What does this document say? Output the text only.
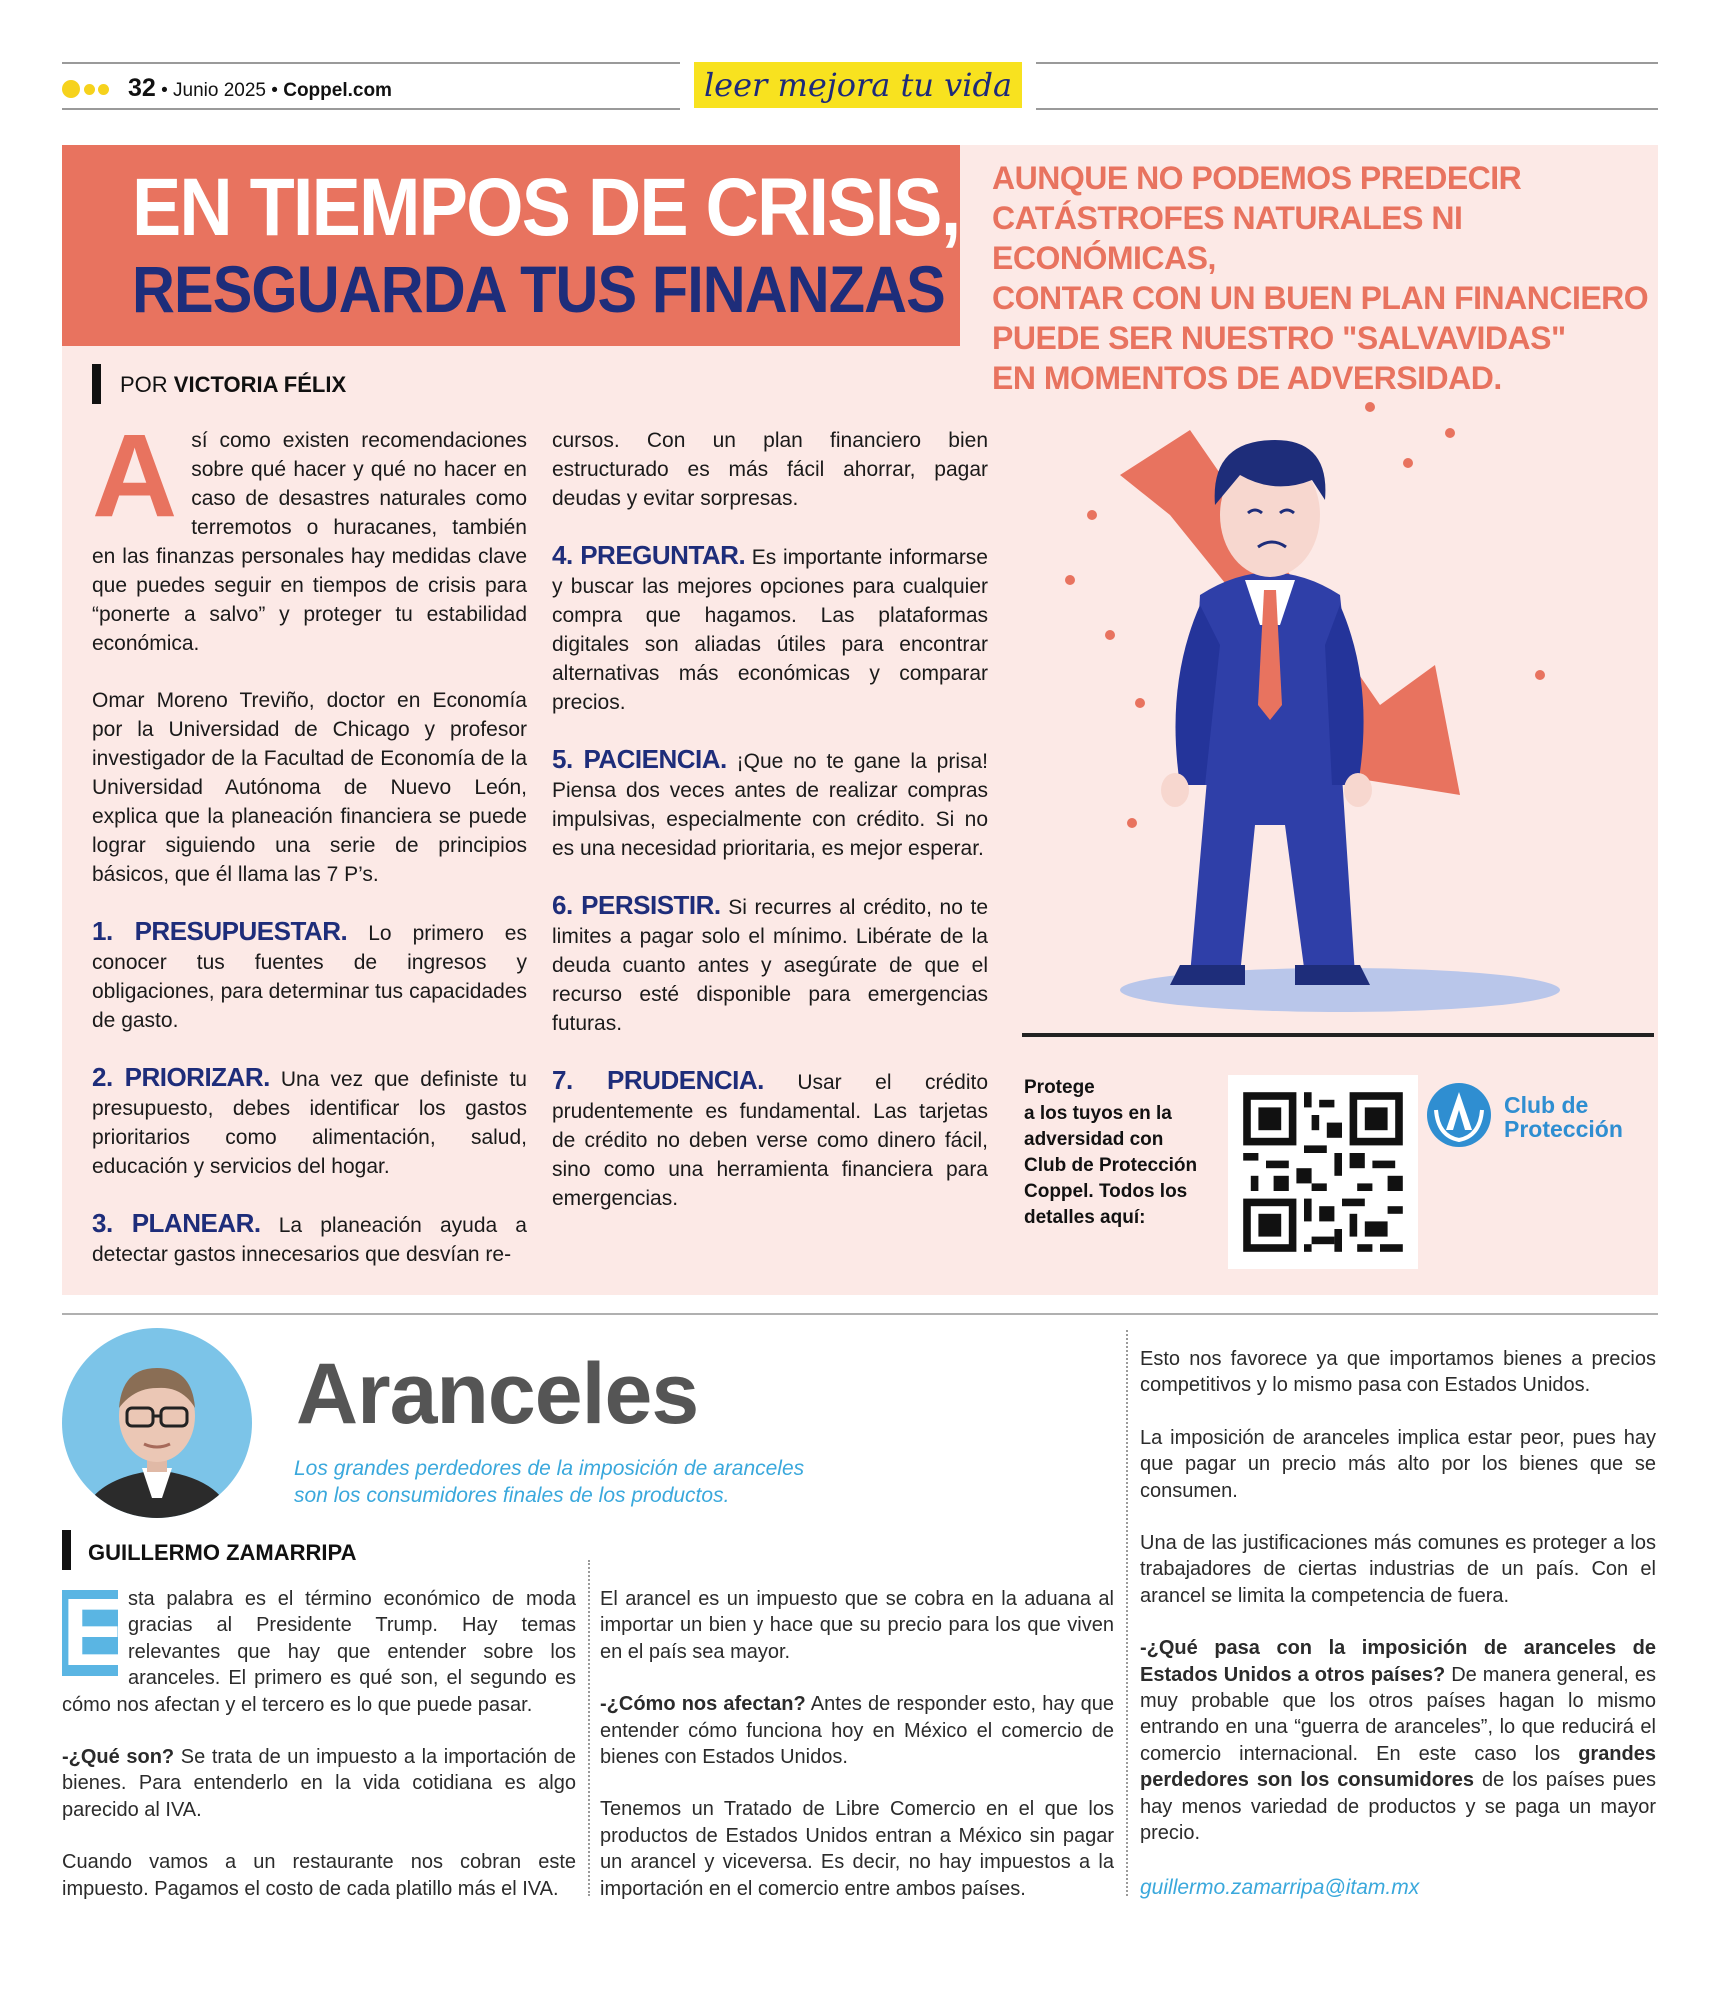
32 • Junio 2025 • Coppel.com	leer mejora tu vida
EN TIEMPOS DE CRISIS,
RESGUARDA TUS FINANZAS
AUNQUE NO PODEMOS PREDECIR
CATÁSTROFES NATURALES NI ECONÓMICAS,
CONTAR CON UN BUEN PLAN FINANCIERO
PUEDE SER NUESTRO "SALVAVIDAS"
EN MOMENTOS DE ADVERSIDAD.
POR VICTORIA FÉLIX

Así como existen recomendaciones sobre qué hacer y qué no hacer en caso de desastres naturales como terremotos o huracanes, también en las finanzas personales hay medidas clave que puedes seguir en tiempos de crisis para “ponerte a salvo” y proteger tu estabilidad económica.

Omar Moreno Treviño, doctor en Economía por la Universidad de Chicago y profesor investigador de la Facultad de Economía de la Universidad Autónoma de Nuevo León, explica que la planeación financiera se puede lograr siguiendo una serie de principios básicos, que él llama las 7 P’s.

1. PRESUPUESTAR. Lo primero es conocer tus fuentes de ingresos y obligaciones, para determinar tus capacidades de gasto.

2. PRIORIZAR. Una vez que definiste tu presupuesto, debes identificar los gastos prioritarios como alimentación, salud, educación y servicios del hogar.

3. PLANEAR. La planeación ayuda a detectar gastos innecesarios que desvían re-

cursos. Con un plan financiero bien estructurado es más fácil ahorrar, pagar deudas y evitar sorpresas.

4. PREGUNTAR. Es importante informarse y buscar las mejores opciones para cualquier compra que hagamos. Las plataformas digitales son aliadas útiles para encontrar alternativas más económicas y comparar precios.

5. PACIENCIA. ¡Que no te gane la prisa! Piensa dos veces antes de realizar compras impulsivas, especialmente con crédito. Si no es una necesidad prioritaria, es mejor esperar.

6. PERSISTIR. Si recurres al crédito, no te limites a pagar solo el mínimo. Libérate de la deuda cuanto antes y asegúrate de que el recurso esté disponible para emergencias futuras.

7. PRUDENCIA. Usar el crédito prudentemente es fundamental. Las tarjetas de crédito no deben verse como dinero fácil, sino como una herramienta financiera para emergencias.

Protege
a los tuyos en la
adversidad con
Club de Protección
Coppel. Todos los
detalles aquí:
Club de
Protección
Aranceles
Los grandes perdedores de la imposición de aranceles
son los consumidores finales de los productos.
GUILLERMO ZAMARRIPA

E sta palabra es el término económico de moda gracias al Presidente Trump. Hay temas relevantes que hay que entender sobre los aranceles. El primero es qué son, el segundo es cómo nos afectan y el tercero es lo que puede pasar.

-¿Qué son? Se trata de un impuesto a la importación de bienes. Para entenderlo en la vida cotidiana es algo parecido al IVA.

Cuando vamos a un restaurante nos cobran este impuesto. Pagamos el costo de cada platillo más el IVA.

El arancel es un impuesto que se cobra en la aduana al importar un bien y hace que su precio para los que viven en el país sea mayor.

-¿Cómo nos afectan? Antes de responder esto, hay que entender cómo funciona hoy en México el comercio de bienes con Estados Unidos.

Tenemos un Tratado de Libre Comercio en el que los productos de Estados Unidos entran a México sin pagar un arancel y viceversa. Es decir, no hay impuestos a la importación en el comercio entre ambos países.

Esto nos favorece ya que importamos bienes a precios competitivos y lo mismo pasa con Estados Unidos.

La imposición de aranceles implica estar peor, pues hay que pagar un precio más alto por los bienes que se consumen.

Una de las justificaciones más comunes es proteger a los trabajadores de ciertas industrias de un país. Con el arancel se limita la competencia de fuera.

-¿Qué pasa con la imposición de aranceles de Estados Unidos a otros países? De manera general, es muy probable que los otros países hagan lo mismo entrando en una “guerra de aranceles”, lo que reducirá el comercio internacional. En este caso los grandes perdedores son los consumidores de los países pues hay menos variedad de productos y se paga un mayor precio.

guillermo.zamarripa@itam.mx
